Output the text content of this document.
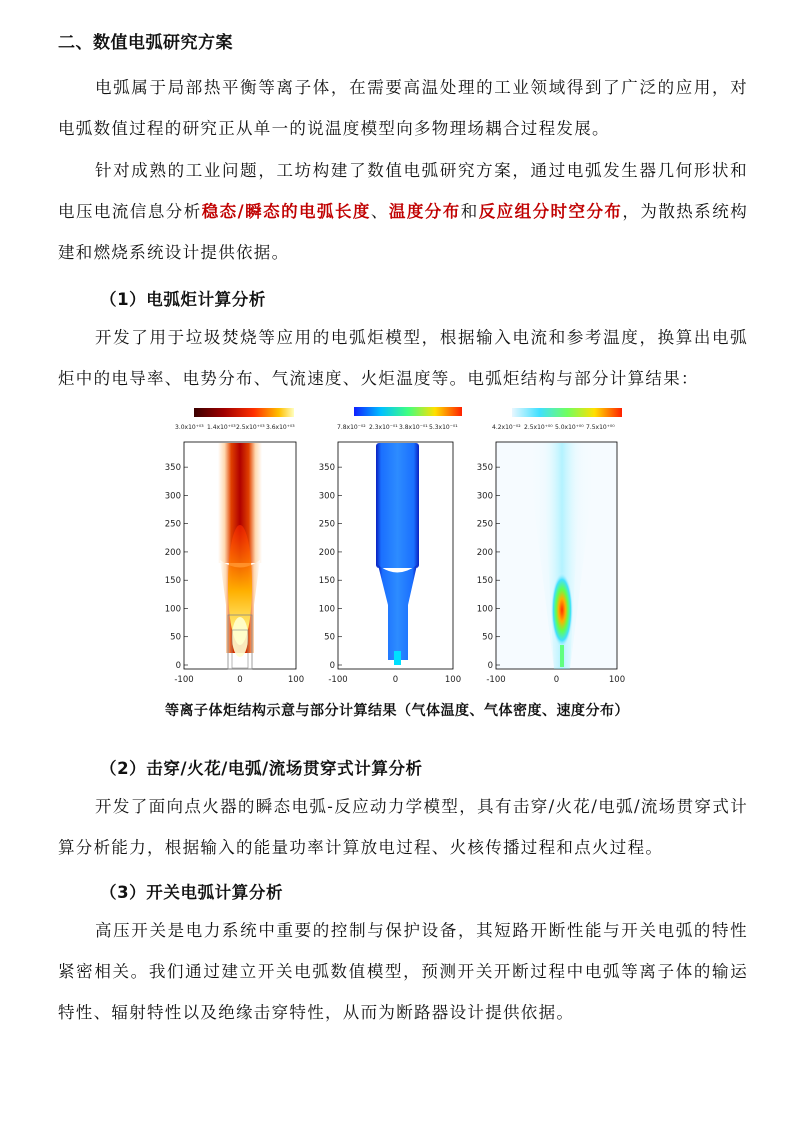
二、数值电弧研究方案
电弧属于局部热平衡等离子体，在需要高温处理的工业领域得到了广泛的应用，对电弧数值过程的研究正从单一的说温度模型向多物理场耦合过程发展。
针对成熟的工业问题，工坊构建了数值电弧研究方案，通过电弧发生器几何形状和电压电流信息分析稳态/瞬态的电弧长度、温度分布和反应组分时空分布，为散热系统构建和燃烧系统设计提供依据。
（1）电弧炬计算分析
开发了用于垃圾焚烧等应用的电弧炬模型，根据输入电流和参考温度，换算出电弧炬中的电导率、电势分布、气流速度、火炬温度等。电弧炬结构与部分计算结果：
3.0x10⁺⁰³ 1.4x10⁺⁰³ 2.5x10⁺⁰³ 3.6x10⁺⁰³
350
300
250
200
150
100
50
0
-100	0	100
7.8x10⁻⁰² 2.3x10⁻⁰¹ 3.8x10⁻⁰¹ 5.3x10⁻⁰¹
350
300
250
200
150
100
50
0
-100	0	100
4.2x10⁻⁰² 2.5x10⁺⁰⁰ 5.0x10⁺⁰⁰ 7.5x10⁺⁰⁰
350
300
250
200
150
100
50
0
-100	0	100
等离子体炬结构示意与部分计算结果（气体温度、气体密度、速度分布）
（2）击穿/火花/电弧/流场贯穿式计算分析
开发了面向点火器的瞬态电弧-反应动力学模型，具有击穿/火花/电弧/流场贯穿式计算分析能力，根据输入的能量功率计算放电过程、火核传播过程和点火过程。
（3）开关电弧计算分析
高压开关是电力系统中重要的控制与保护设备，其短路开断性能与开关电弧的特性紧密相关。我们通过建立开关电弧数值模型，预测开关开断过程中电弧等离子体的输运特性、辐射特性以及绝缘击穿特性，从而为断路器设计提供依据。
